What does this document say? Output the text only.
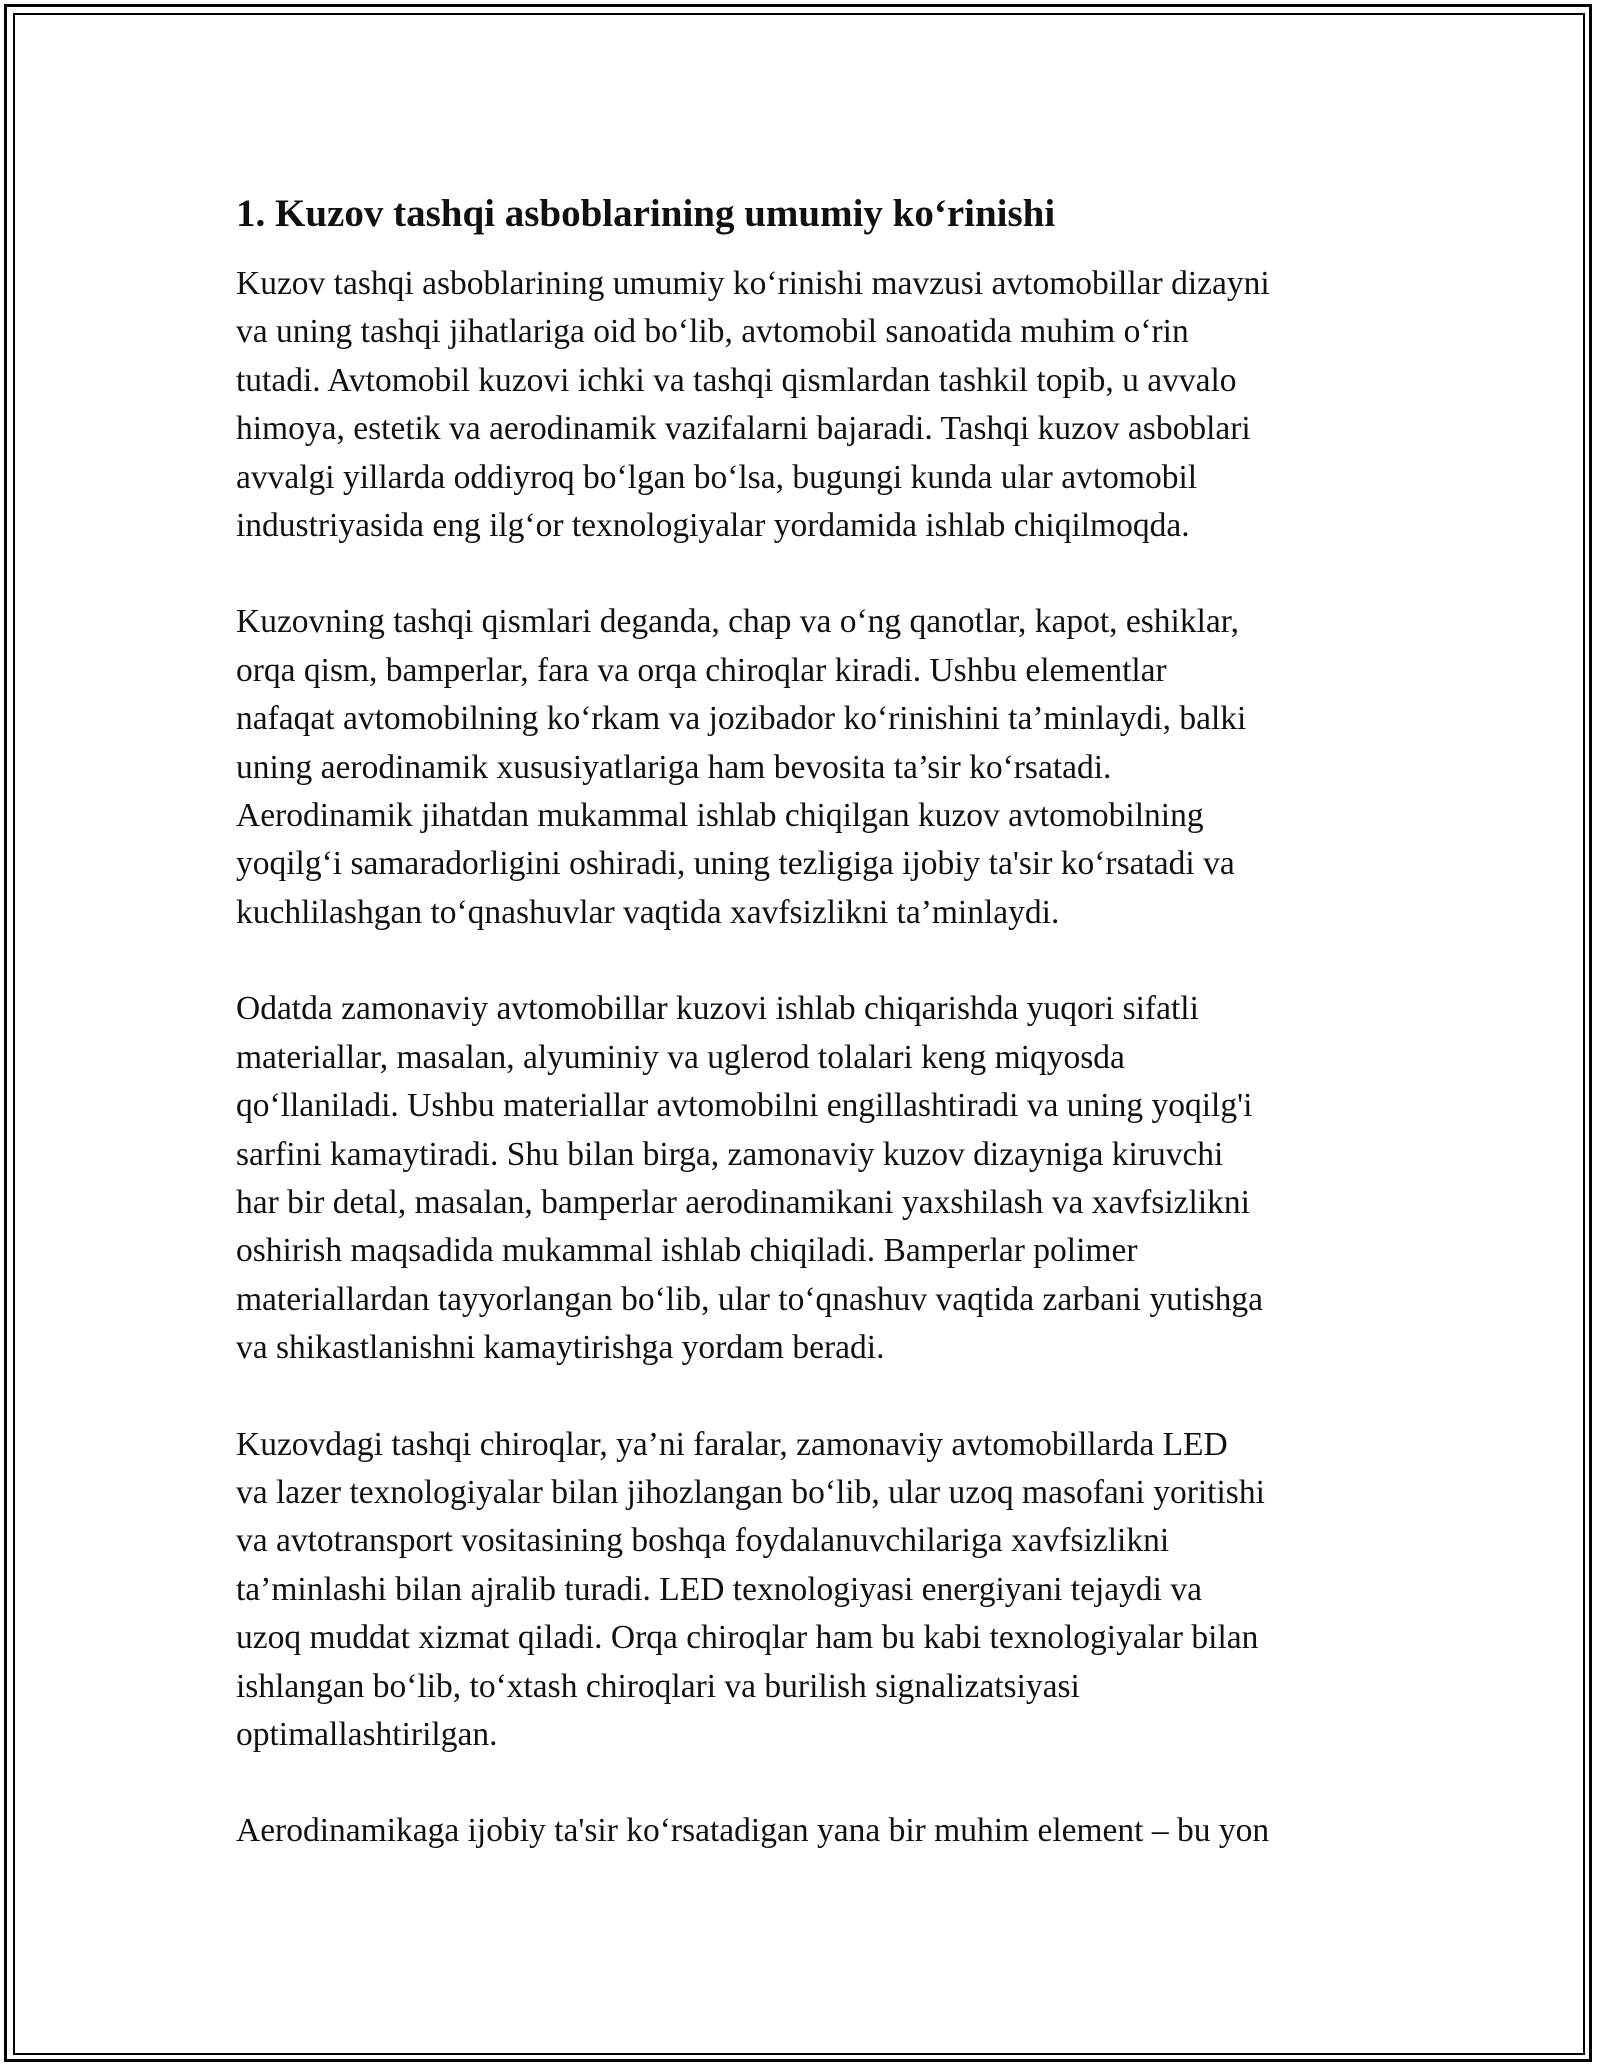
1. Kuzov tashqi asboblarining umumiy ko‘rinishi

Kuzov tashqi asboblarining umumiy ko‘rinishi mavzusi avtomobillar dizayni
va uning tashqi jihatlariga oid bo‘lib, avtomobil sanoatida muhim o‘rin
tutadi. Avtomobil kuzovi ichki va tashqi qismlardan tashkil topib, u avvalo
himoya, estetik va aerodinamik vazifalarni bajaradi. Tashqi kuzov asboblari
avvalgi yillarda oddiyroq bo‘lgan bo‘lsa, bugungi kunda ular avtomobil
industriyasida eng ilg‘or texnologiyalar yordamida ishlab chiqilmoqda.

Kuzovning tashqi qismlari deganda, chap va o‘ng qanotlar, kapot, eshiklar,
orqa qism, bamperlar, fara va orqa chiroqlar kiradi. Ushbu elementlar
nafaqat avtomobilning ko‘rkam va jozibador ko‘rinishini ta’minlaydi, balki
uning aerodinamik xususiyatlariga ham bevosita ta’sir ko‘rsatadi.
Aerodinamik jihatdan mukammal ishlab chiqilgan kuzov avtomobilning
yoqilg‘i samaradorligini oshiradi, uning tezligiga ijobiy ta'sir ko‘rsatadi va
kuchlilashgan to‘qnashuvlar vaqtida xavfsizlikni ta’minlaydi.

Odatda zamonaviy avtomobillar kuzovi ishlab chiqarishda yuqori sifatli
materiallar, masalan, alyuminiy va uglerod tolalari keng miqyosda
qo‘llaniladi. Ushbu materiallar avtomobilni engillashtiradi va uning yoqilg'i
sarfini kamaytiradi. Shu bilan birga, zamonaviy kuzov dizayniga kiruvchi
har bir detal, masalan, bamperlar aerodinamikani yaxshilash va xavfsizlikni
oshirish maqsadida mukammal ishlab chiqiladi. Bamperlar polimer
materiallardan tayyorlangan bo‘lib, ular to‘qnashuv vaqtida zarbani yutishga
va shikastlanishni kamaytirishga yordam beradi.

Kuzovdagi tashqi chiroqlar, ya’ni faralar, zamonaviy avtomobillarda LED
va lazer texnologiyalar bilan jihozlangan bo‘lib, ular uzoq masofani yoritishi
va avtotransport vositasining boshqa foydalanuvchilariga xavfsizlikni
ta’minlashi bilan ajralib turadi. LED texnologiyasi energiyani tejaydi va
uzoq muddat xizmat qiladi. Orqa chiroqlar ham bu kabi texnologiyalar bilan
ishlangan bo‘lib, to‘xtash chiroqlari va burilish signalizatsiyasi
optimallashtirilgan.

Aerodinamikaga ijobiy ta'sir ko‘rsatadigan yana bir muhim element – bu yon
